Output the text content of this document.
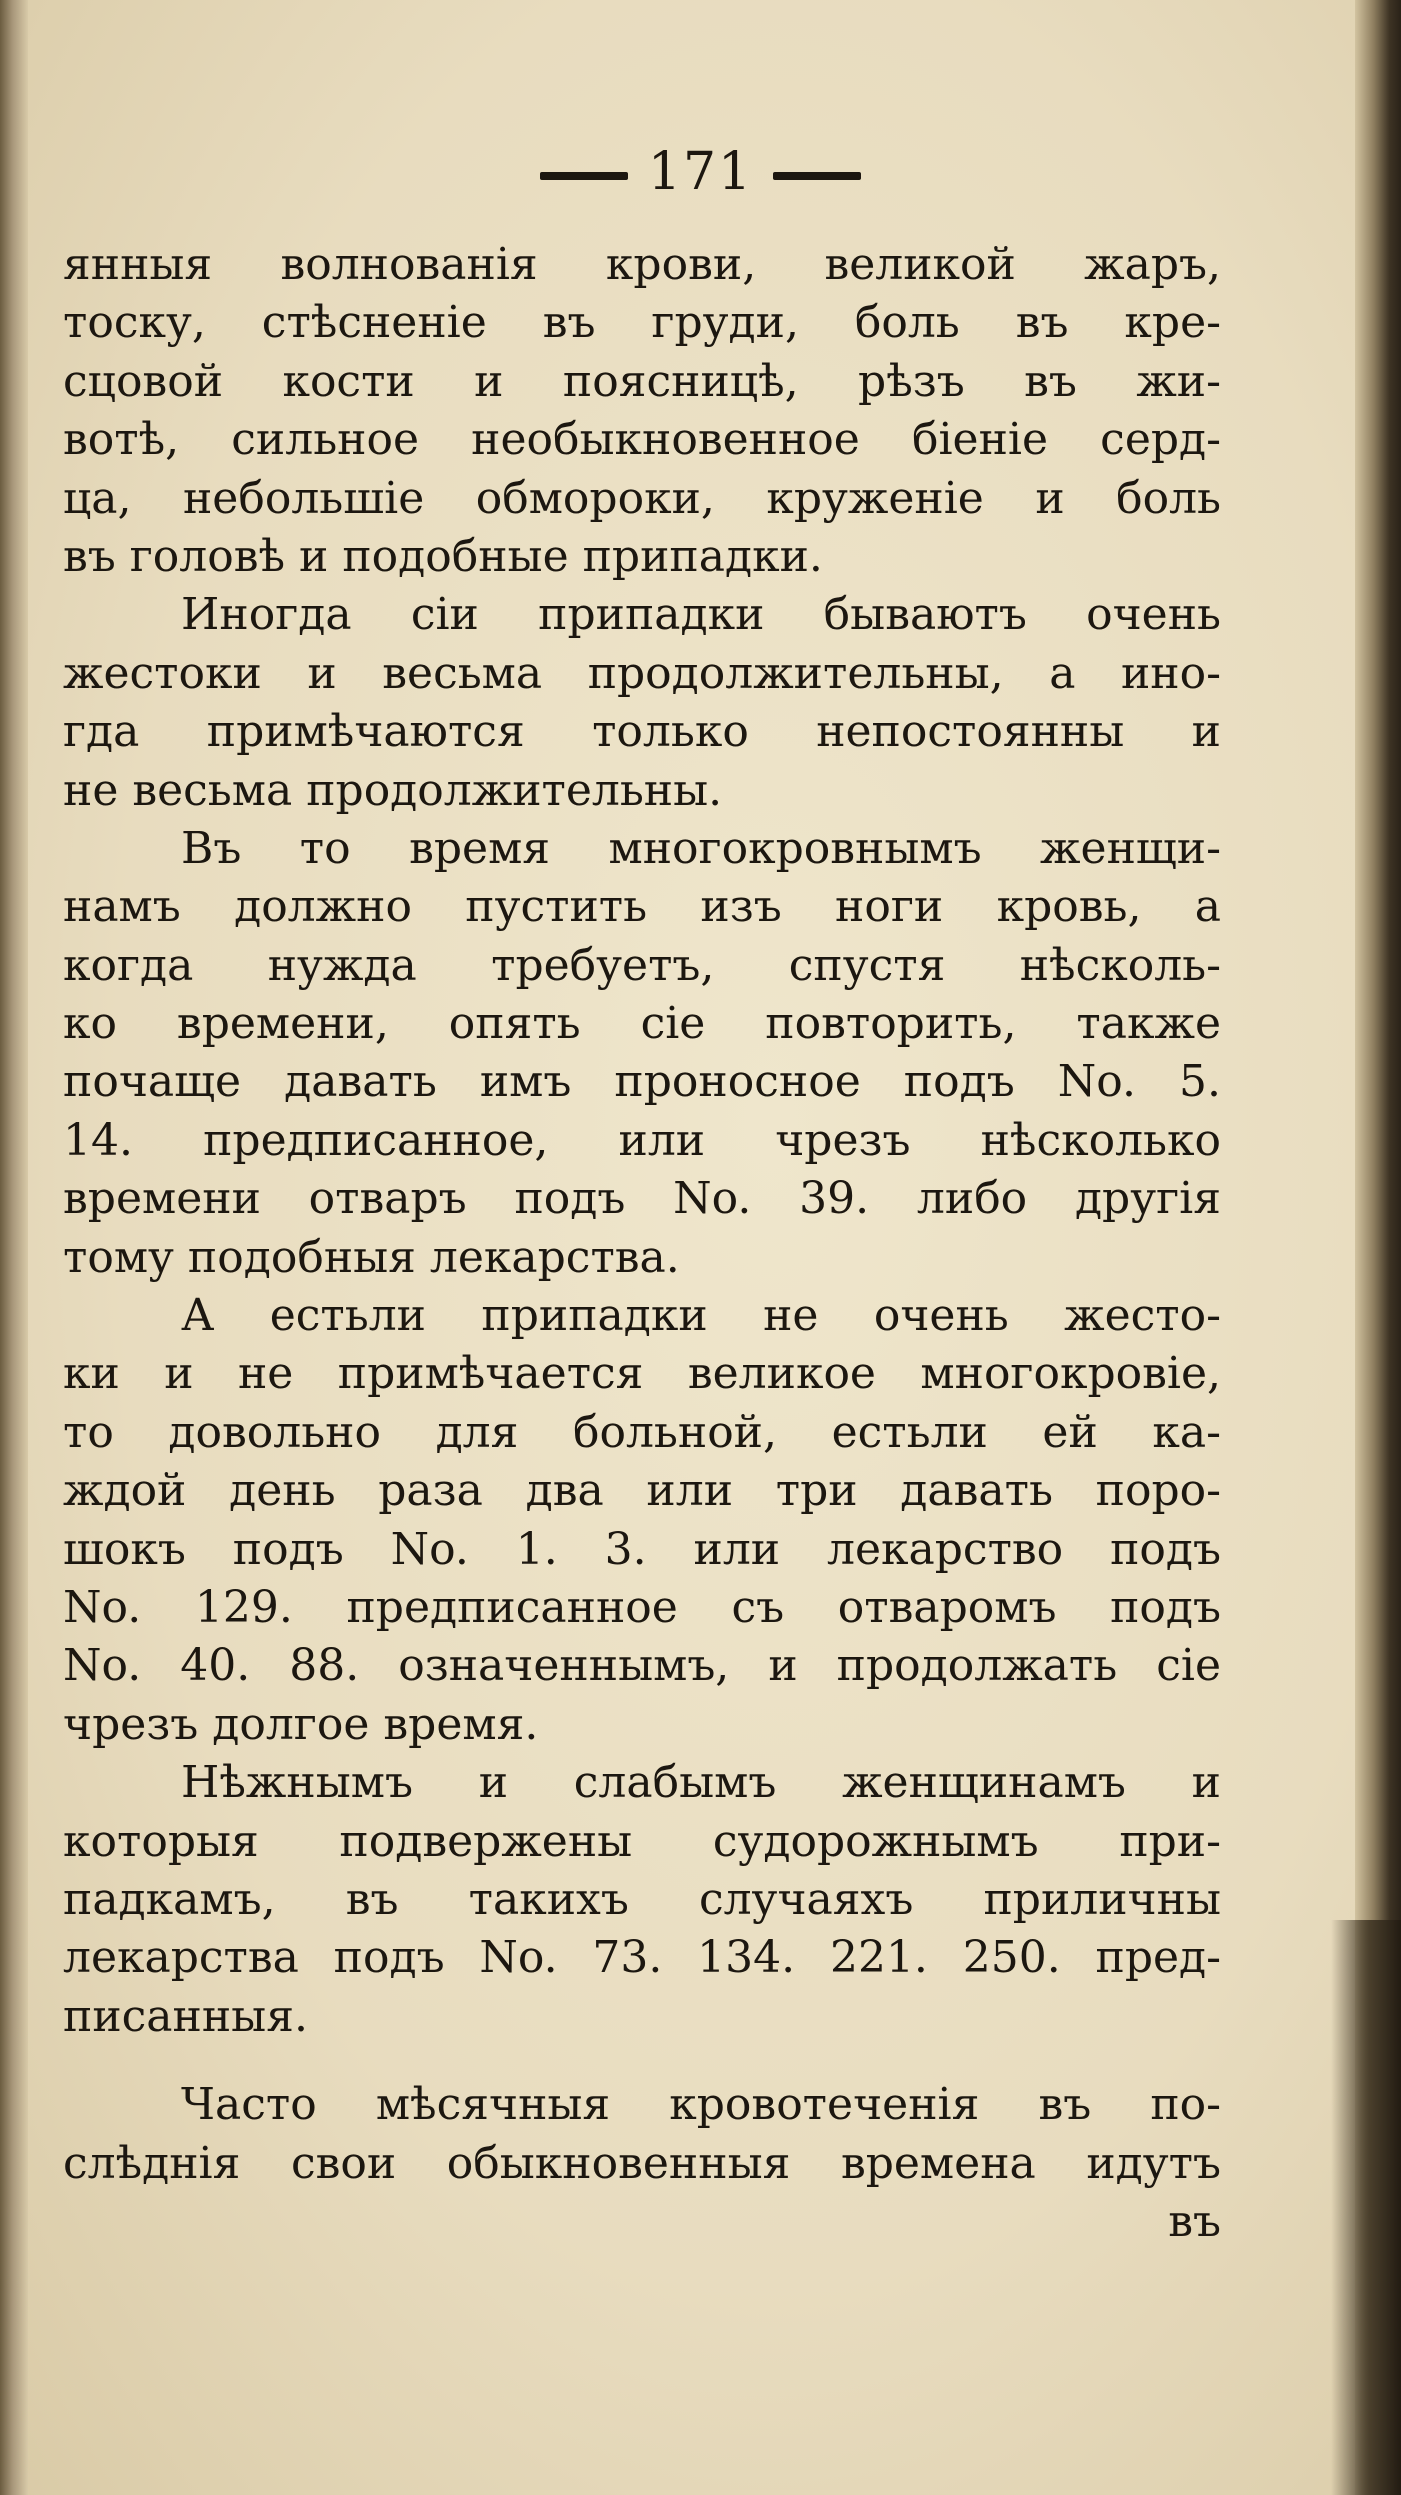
171
янныя волнованія крови, великой жаръ,
тоску, стѣсненіе въ груди, боль въ кре-
сцовой кости и поясницѣ, рѣзъ въ жи-
вотѣ, сильное необыкновенное біеніе серд-
ца, небольшіе обмороки, круженіе и боль
въ головѣ и подобные припадки.
Иногда сіи припадки бываютъ очень
жестоки и весьма продолжительны, а ино-
гда примѣчаются только непостоянны и
не весьма продолжительны.
Въ то время многокровнымъ женщи-
намъ должно пустить изъ ноги кровь, а
когда нужда требуетъ, спустя нѣсколь-
ко времени, опять сіе повторить, также
почаще давать имъ проносное подъ No. 5.
14. предписанное, или чрезъ нѣсколько
времени отваръ подъ No. 39. либо другія
тому подобныя лекарства.
А естьли припадки не очень жесто-
ки и не примѣчается великое многокровіе,
то довольно для больной, естьли ей ка-
ждой день раза два или три давать поро-
шокъ подъ No. 1. 3. или лекарство подъ
No. 129. предписанное съ отваромъ подъ
No. 40. 88. означеннымъ, и продолжать сіе
чрезъ долгое время.
Нѣжнымъ и слабымъ женщинамъ и
которыя подвержены судорожнымъ при-
падкамъ, въ такихъ случаяхъ приличны
лекарства подъ No. 73. 134. 221. 250. пред-
писанныя.
Часто мѣсячныя кровотеченія въ по-
слѣднія свои обыкновенныя времена идутъ
въ
